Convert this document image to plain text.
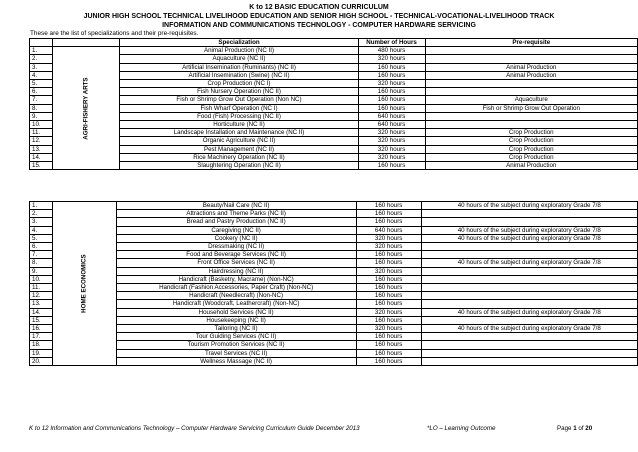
K to 12 BASIC EDUCATION CURRICULUM
JUNIOR HIGH SCHOOL TECHNICAL LIVELIHOOD EDUCATION AND SENIOR HIGH SCHOOL - TECHNICAL-VOCATIONAL-LIVELIHOOD TRACK
INFORMATION AND COMMUNICATIONS TECHNOLOGY - COMPUTER HARDWARE SERVICING
These are the list of specializations and their pre-requisites.
		Specialization	Number of Hours	Pre-requisite
1.	AGRI-FISHERY ARTS	Animal Production (NC II)	480 hours	
2.		Aquaculture (NC II)	320 hours	
3.		Artificial Insemination (Ruminants) (NC II)	160 hours	Animal Production
4.		Artificial Insemination (Swine) (NC II)	160 hours	Animal Production
5.		Crop Production (NC I)	320 hours	
6.		Fish Nursery Operation (NC II)	160 hours	
7.		Fish or Shrimp Grow Out Operation (Non NC)	160 hours	Aquaculture
8.		Fish Wharf Operation (NC I)	160 hours	Fish or Shrimp Grow Out Operation
9.		Food (Fish) Processing (NC II)	640 hours	
10.		Horticulture (NC II)	640 hours	
11.		Landscape Installation and Maintenance (NC II)	320 hours	Crop Production
12.		Organic Agriculture (NC II)	320 hours	Crop Production
13.		Pest Management (NC II)	320 hours	Crop Production
14.		Rice Machinery Operation (NC II)	320 hours	Crop Production
15.		Slaughtering Operation (NC II)	160 hours	Animal Production
1.	HOME ECONOMICS	Beauty/Nail Care (NC II)	160 hours	40 hours of the subject during exploratory Grade 7/8
2.		Attractions and Theme Parks (NC II)	160 hours	
3.		Bread and Pastry Production (NC II)	160 hours	
4.		Caregiving (NC II)	640 hours	40 hours of the subject during exploratory Grade 7/8
5.		Cookery (NC II)	320 hours	40 hours of the subject during exploratory Grade 7/8
6.		Dressmaking (NC II)	320 hours	
7.		Food and Beverage Services (NC II)	160 hours	
8.		Front Office Services (NC II)	160 hours	40 hours of the subject during exploratory Grade 7/8
9.		Hairdressing (NC II)	320 hours	
10.		Handicraft (Basketry, Macrame) (Non-NC)	160 hours	
11.		Handicraft (Fashion Accessories, Paper Craft) (Non-NC)	160 hours	
12.		Handicraft (Needlecraft) (Non-NC)	160 hours	
13.		Handicraft (Woodcraft, Leathercraft) (Non-NC)	160 hours	
14.		Household Services (NC II)	320 hours	40 hours of the subject during exploratory Grade 7/8
15.		Housekeeping (NC II)	160 hours	
16.		Tailoring (NC II)	320 hours	40 hours of the subject during exploratory Grade 7/8
17.		Tour Guiding Services (NC II)	160 hours	
18.		Tourism Promotion Services (NC II)	160 hours	
19.		Travel Services (NC II)	160 hours	
20.		Wellness Massage (NC II)	160 hours	
K to 12 Information and Communications Technology – Computer Hardware Servicing Curriculum Guide December 2013	*LO – Learning Outcome	Page 1 of 20
